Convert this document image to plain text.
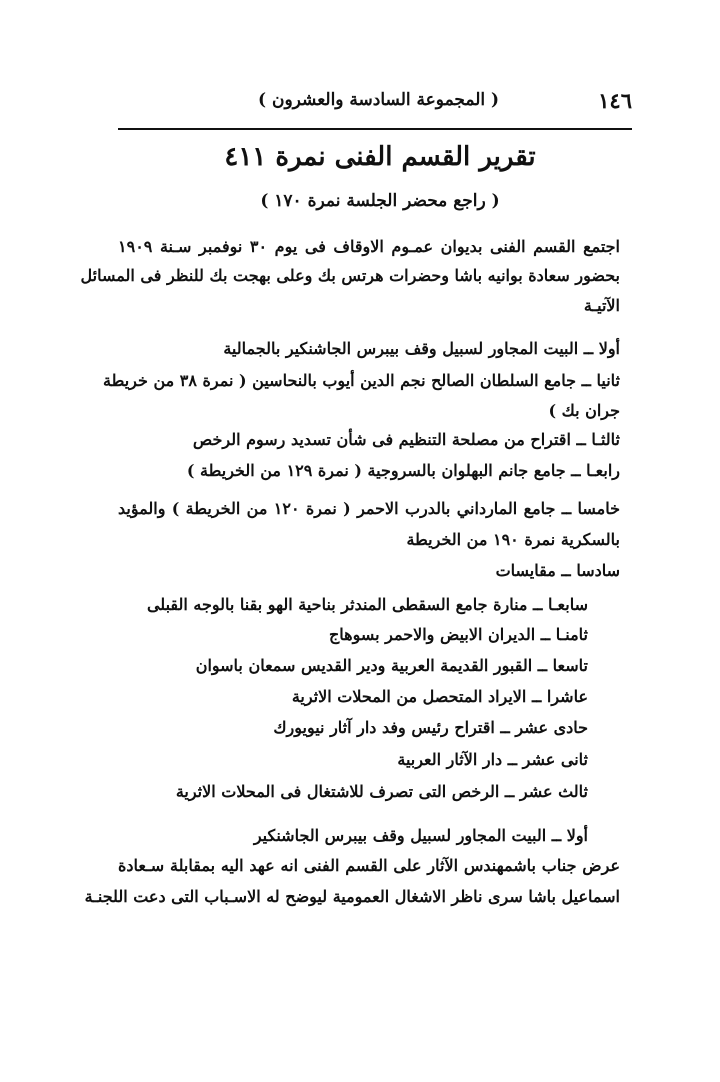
١٤٦
( المجموعة السادسة والعشرون )
تقرير القسم الفنى نمرة ٤١١
( راجع محضر الجلسة نمرة ١٧٠ )
اجتمع القسم الفنى بديوان عمـوم الاوقاف فى يوم ٣٠ نوفمبر سـنة ١٩٠٩
بحضور سعادة بوانيه باشا وحضرات هرتس بك وعلى بهجت بك للنظر فى المسائل
الآتيـة
أولا ــ البيت المجاور لسبيل وقف بيبرس الجاشنكير بالجمالية
ثانيا ــ جامع السلطان الصالح نجم الدين أيوب بالنحاسين ( نمرة ٣٨ من خريطة
جران بك )
ثالثـا ــ اقتراح من مصلحة التنظيم فى شأن تسديد رسوم الرخص
رابعـا ــ جامع جانم البهلوان بالسروجية ( نمرة ١٢٩ من الخريطة )
خامسا ــ جامع المارداني بالدرب الاحمر ( نمرة ١٢٠ من الخريطة ) والمؤيد
بالسكرية نمرة ١٩٠ من الخريطة
سادسا ــ مقايسات
سابعـا ــ منارة جامع السقطى المندثر بناحية الهو بقنا بالوجه القبلى
ثامنـا ــ الديران الابيض والاحمر بسوهاج
تاسعا ــ القبور القديمة العربية ودير القديس سمعان باسوان
عاشرا ــ الايراد المتحصل من المحلات الاثرية
حادى عشر ــ اقتراح رئيس وفد دار آثار نيويورك
ثانى عشر ــ دار الآثار العربية
ثالث عشر ــ الرخص التى تصرف للاشتغال فى المحلات الاثرية
أولا ــ البيت المجاور لسبيل وقف بيبرس الجاشنكير
عرض جناب باشمهندس الآثار على القسم الفنى انه عهد اليه بمقابلة سـعادة
اسماعيل باشا سرى ناظر الاشغال العمومية ليوضح له الاسـباب التى دعت اللجنـة
